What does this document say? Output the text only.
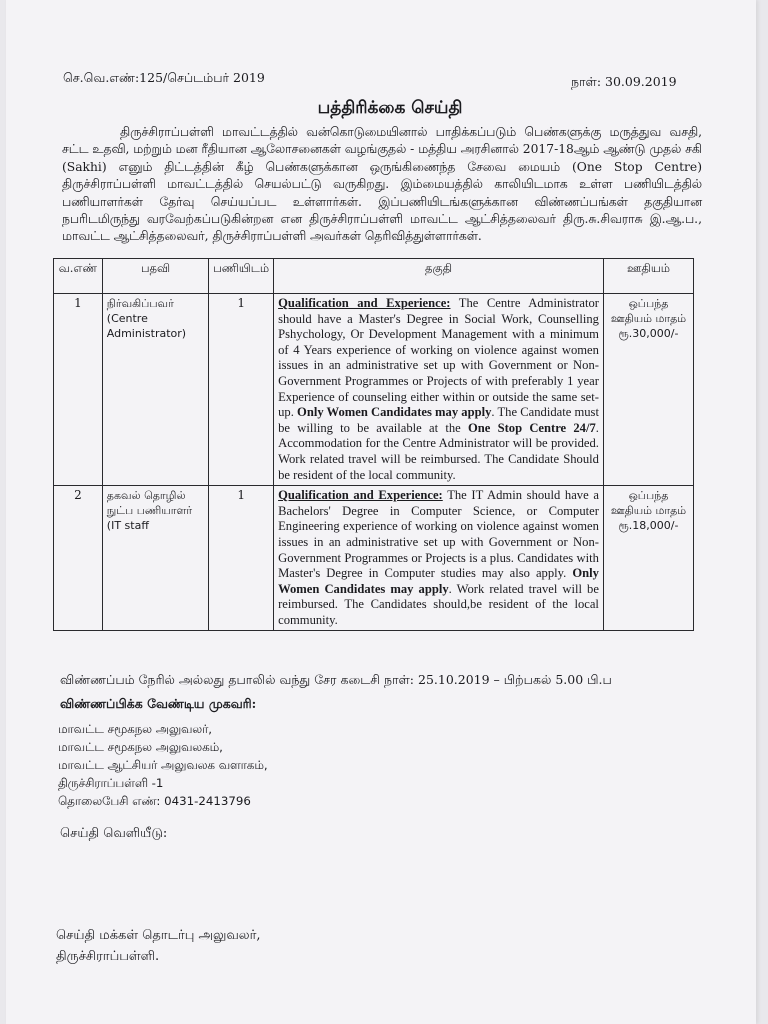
செ.வெ.எண்:125/செப்டம்பர் 2019	நாள்: 30.09.2019
பத்திரிக்கை செய்தி

திருச்சிராப்பள்ளி மாவட்டத்தில் வன்கொடுமையினால் பாதிக்கப்படும் பெண்களுக்கு மருத்துவ வசதி, சட்ட உதவி, மற்றும் மன ரீதியான ஆலோசனைகள் வழங்குதல் - மத்திய அரசினால் 2017-18ஆம் ஆண்டு முதல் சகி (Sakhi) எனும் திட்டத்தின் கீழ் பெண்களுக்கான ஒருங்கிணைந்த சேவை மையம் (One Stop Centre) திருச்சிராப்பள்ளி மாவட்டத்தில் செயல்பட்டு வருகிறது. இம்மையத்தில் காலியிடமாக உள்ள பணியிடத்தில் பணியாளர்கள் தேர்வு செய்யப்பட உள்ளார்கள். இப்பணியிடங்களுக்கான விண்ணப்பங்கள் தகுதியான நபரிடமிருந்து வரவேற்கப்படுகின்றன என திருச்சிராப்பள்ளி மாவட்ட ஆட்சித்தலைவர் திரு.சு.சிவராசு இ.ஆ.ப., மாவட்ட ஆட்சித்தலைவர், திருச்சிராப்பள்ளி அவர்கள் தெரிவித்துள்ளார்கள்.

வ.எண்	பதவி	பணியிடம்	தகுதி	ஊதியம்
1	நிர்வகிப்பவர் (Centre Administrator)	1	Qualification and Experience: The Centre Administrator should have a Master's Degree in Social Work, Counselling Pshychology, Or Development Management with a minimum of 4 Years experience of working on violence against women issues in an administrative set up with Government or Non-Government Programmes or Projects of with preferably 1 year Experience of counseling either within or outside the same set-up. Only Women Candidates may apply. The Candidate must be willing to be available at the One Stop Centre 24/7. Accommodation for the Centre Administrator will be provided. Work related travel will be reimbursed. The Candidate Should be resident of the local community.	ஒப்பந்த ஊதியம் மாதம் ரூ.30,000/-
2	தகவல் தொழில் நுட்ப பணியாளர் (IT staff	1	Qualification and Experience: The IT Admin should have a Bachelors' Degree in Computer Science, or Computer Engineering experience of working on violence against women issues in an administrative set up with Government or Non-Government Programmes or Projects is a plus. Candidates with Master's Degree in Computer studies may also apply. Only Women Candidates may apply. Work related travel will be reimbursed. The Candidates should,be resident of the local community.	ஒப்பந்த ஊதியம் மாதம் ரூ.18,000/-
விண்ணப்பம் நேரில் அல்லது தபாலில் வந்து சேர கடைசி நாள்: 25.10.2019 – பிற்பகல் 5.00 பி.ப
விண்ணப்பிக்க வேண்டிய முகவரி:
மாவட்ட சமூகநல அலுவலர்,
மாவட்ட சமூகநல அலுவலகம்,
மாவட்ட ஆட்சியர் அலுவலக வளாகம்,
திருச்சிராப்பள்ளி -1
தொலைபேசி எண்: 0431-2413796
செய்தி வெளியீடு:
செய்தி மக்கள் தொடர்பு அலுவலர்,
திருச்சிராப்பள்ளி.
